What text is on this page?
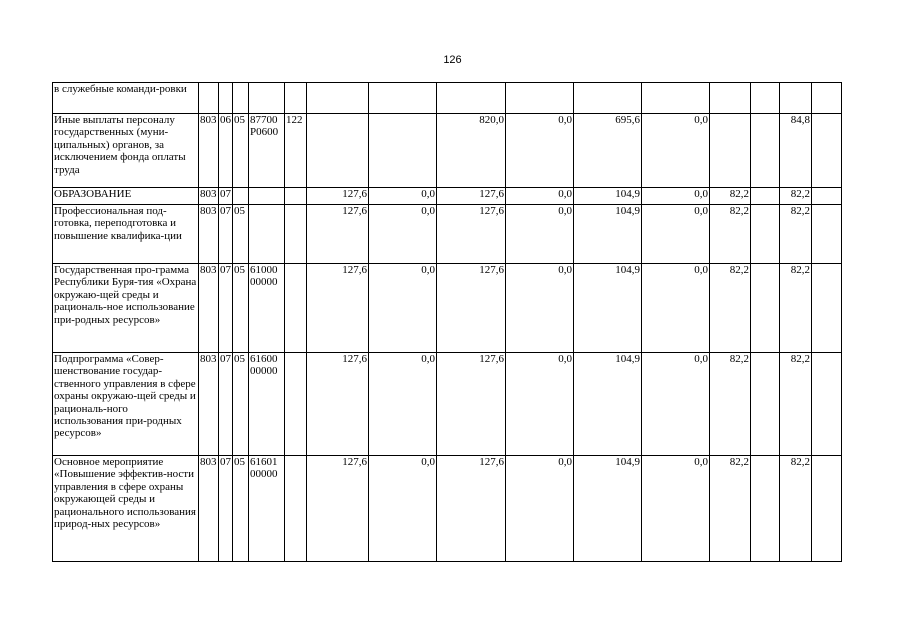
126
в служебные команди-ровки															
Иные выплаты персоналу государственных (муни-ципальных) органов, за исключением фонда оплаты труда	803	06	05	87700 Р0600	122			820,0	0,0	695,6	0,0			84,8	
ОБРАЗОВАНИЕ	803	07				127,6	0,0	127,6	0,0	104,9	0,0	82,2		82,2	
Профессиональная под-готовка, переподготовка и повышение квалифика-ции	803	07	05			127,6	0,0	127,6	0,0	104,9	0,0	82,2		82,2	
Государственная про-грамма Республики Буря-тия «Охрана окружаю-щей среды и рациональ-ное использование при-родных ресурсов»	803	07	05	61000 00000		127,6	0,0	127,6	0,0	104,9	0,0	82,2		82,2	
Подпрограмма «Совер-шенствование государ-ственного управления в сфере охраны окружаю-щей среды и рациональ-ного использования при-родных ресурсов»	803	07	05	61600 00000		127,6	0,0	127,6	0,0	104,9	0,0	82,2		82,2	
Основное мероприятие «Повышение эффектив-ности управления в сфере охраны окружающей среды и рационального использования природ-ных ресурсов»	803	07	05	61601 00000		127,6	0,0	127,6	0,0	104,9	0,0	82,2		82,2	
